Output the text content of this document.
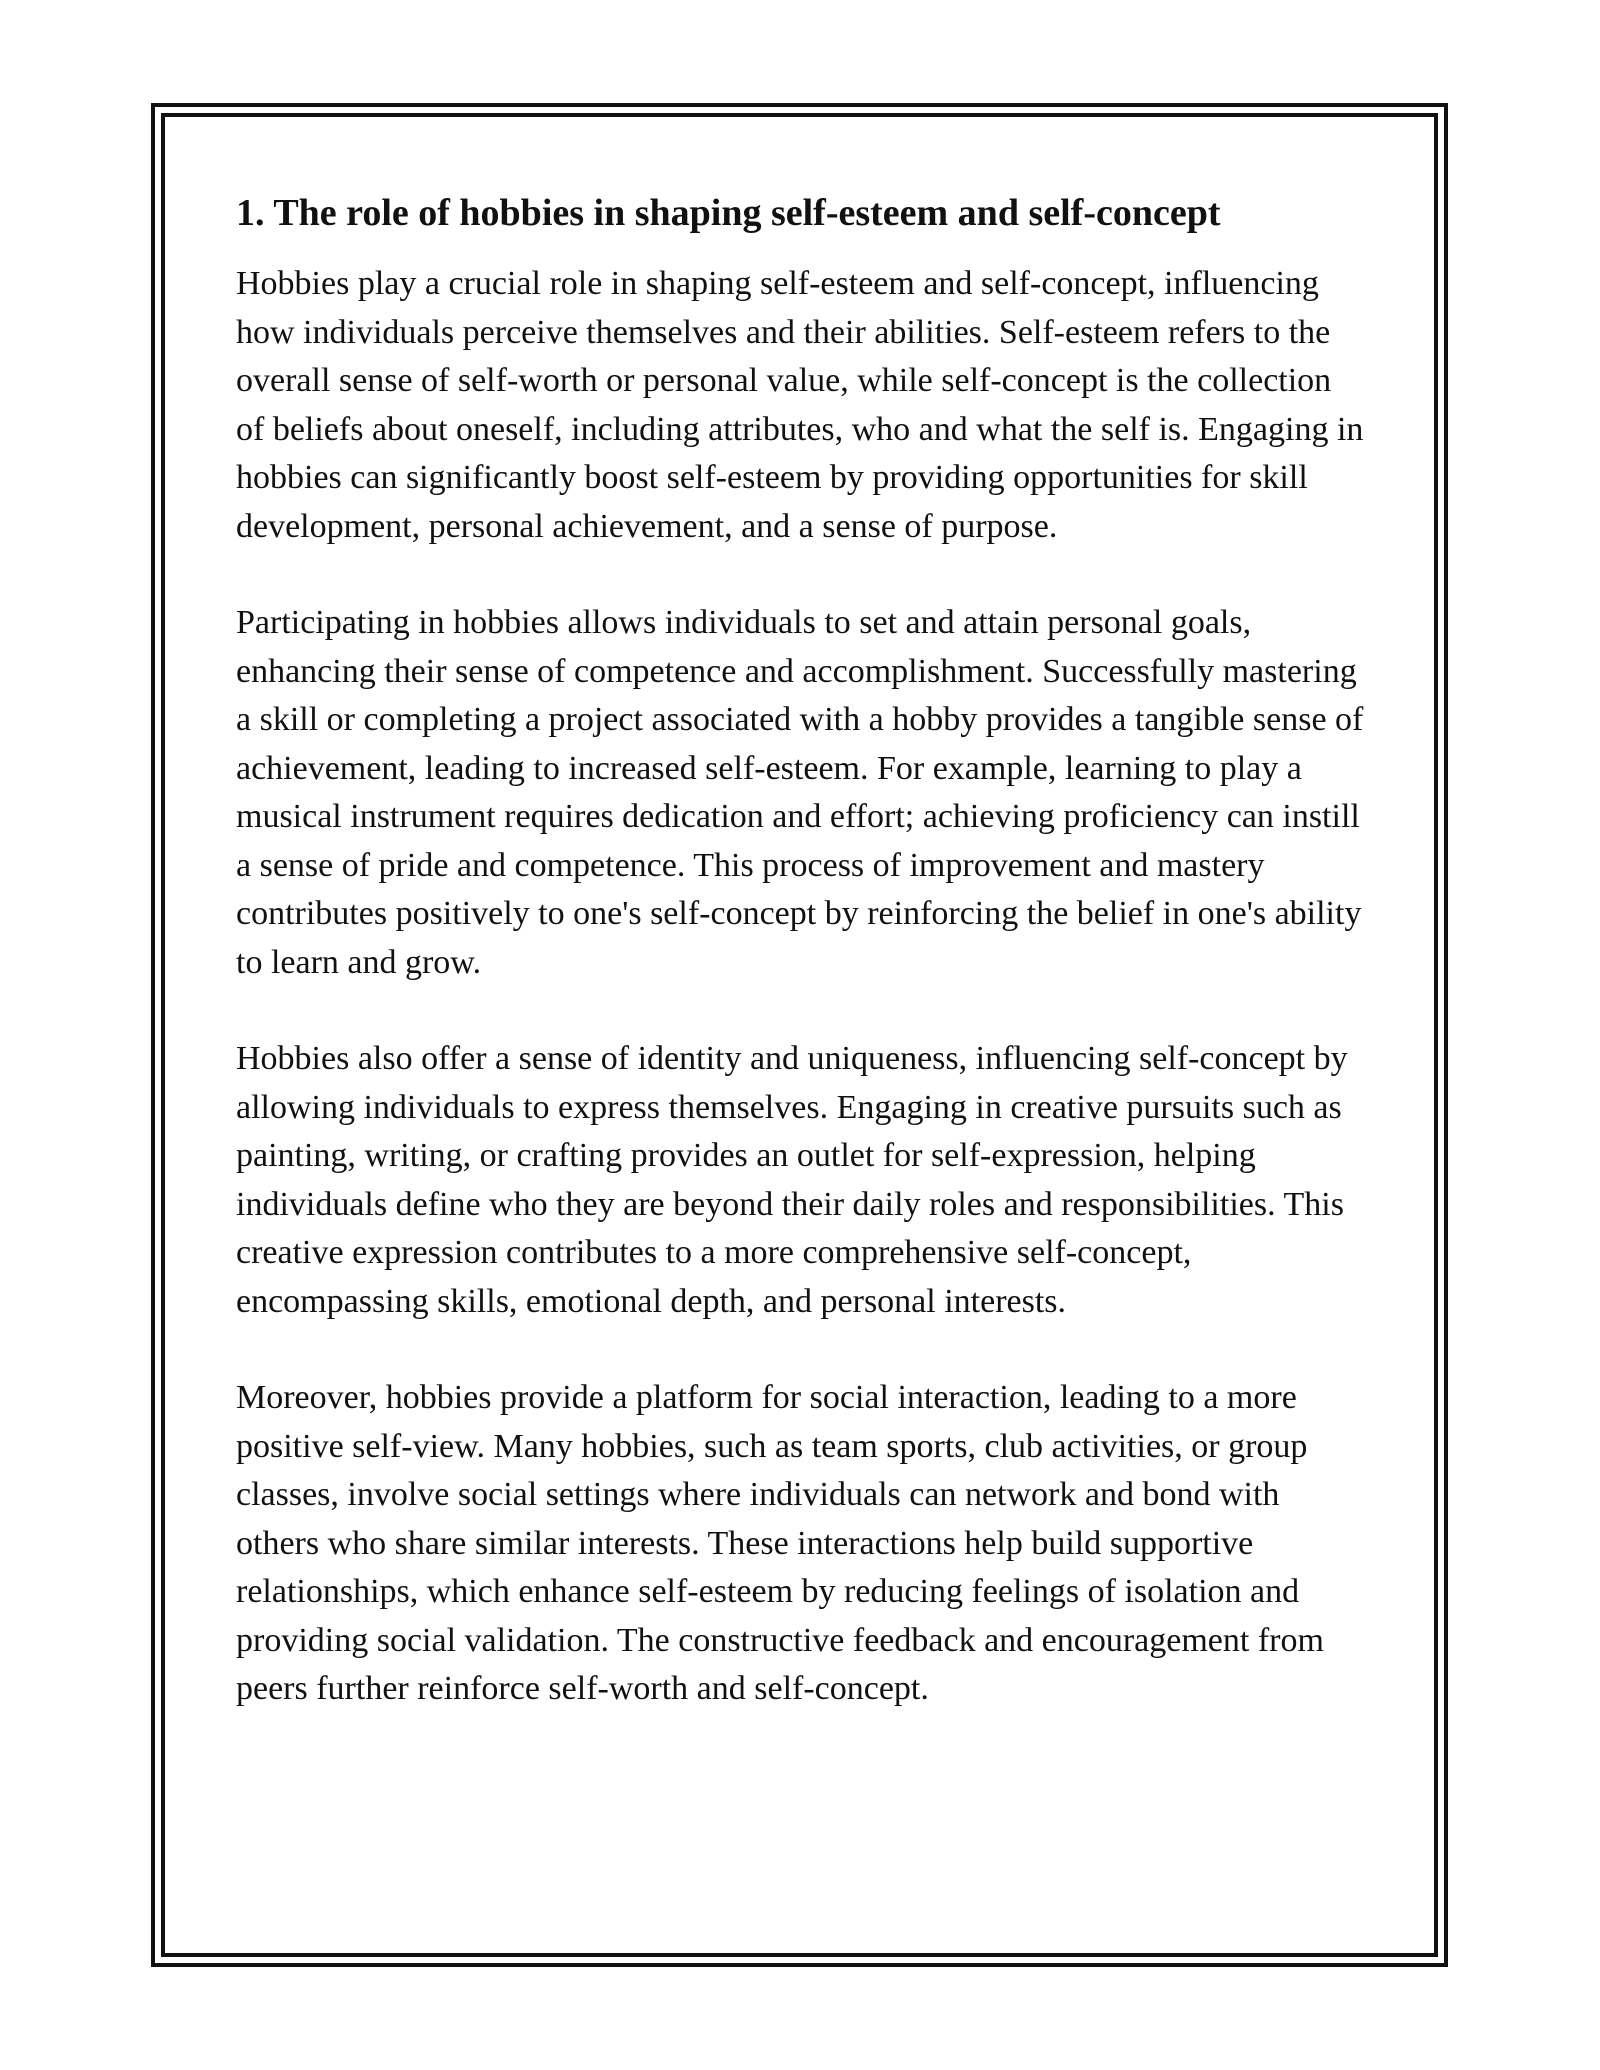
1. The role of hobbies in shaping self-esteem and self-concept

Hobbies play a crucial role in shaping self-esteem and self-concept, influencing how individuals perceive themselves and their abilities. Self-esteem refers to the overall sense of self-worth or personal value, while self-concept is the collection of beliefs about oneself, including attributes, who and what the self is. Engaging in hobbies can significantly boost self-esteem by providing opportunities for skill development, personal achievement, and a sense of purpose.

Participating in hobbies allows individuals to set and attain personal goals, enhancing their sense of competence and accomplishment. Successfully mastering a skill or completing a project associated with a hobby provides a tangible sense of achievement, leading to increased self-esteem. For example, learning to play a musical instrument requires dedication and effort; achieving proficiency can instill a sense of pride and competence. This process of improvement and mastery contributes positively to one's self-concept by reinforcing the belief in one's ability to learn and grow.

Hobbies also offer a sense of identity and uniqueness, influencing self-concept by allowing individuals to express themselves. Engaging in creative pursuits such as painting, writing, or crafting provides an outlet for self-expression, helping individuals define who they are beyond their daily roles and responsibilities. This creative expression contributes to a more comprehensive self-concept, encompassing skills, emotional depth, and personal interests.

Moreover, hobbies provide a platform for social interaction, leading to a more positive self-view. Many hobbies, such as team sports, club activities, or group classes, involve social settings where individuals can network and bond with others who share similar interests. These interactions help build supportive relationships, which enhance self-esteem by reducing feelings of isolation and providing social validation. The constructive feedback and encouragement from peers further reinforce self-worth and self-concept.
